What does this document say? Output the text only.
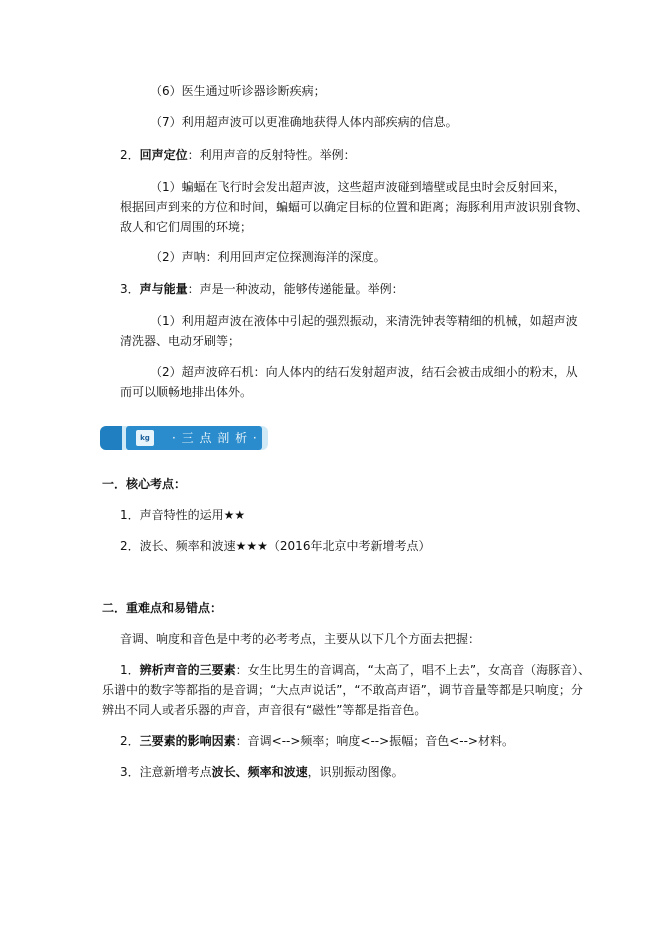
（6）医生通过听诊器诊断疾病；
（7）利用超声波可以更准确地获得人体内部疾病的信息。
2．回声定位：利用声音的反射特性。举例：
（1）蝙蝠在飞行时会发出超声波，这些超声波碰到墙壁或昆虫时会反射回来，
根据回声到来的方位和时间，蝙蝠可以确定目标的位置和距离；海豚利用声波识别食物、
敌人和它们周围的环境；
（2）声呐：利用回声定位探测海洋的深度。
3．声与能量：声是一种波动，能够传递能量。举例：
（1）利用超声波在液体中引起的强烈振动，来清洗钟表等精细的机械，如超声波
清洗器、电动牙刷等；
（2）超声波碎石机：向人体内的结石发射超声波，结石会被击成细小的粉末，从
而可以顺畅地排出体外。
kg	· 三 点 剖 析 ·
一．核心考点：
1．声音特性的运用★★
2．波长、频率和波速★★★（2016年北京中考新增考点）
二．重难点和易错点：
音调、响度和音色是中考的必考考点，主要从以下几个方面去把握：
1．辨析声音的三要素：女生比男生的音调高，“太高了，唱不上去”，女高音（海豚音）、
乐谱中的数字等都指的是音调；“大点声说话”，“不敢高声语”，调节音量等都是只响度；分
辨出不同人或者乐器的声音，声音很有“磁性”等都是指音色。
2．三要素的影响因素：音调<-->频率；响度<-->振幅；音色<-->材料。
3．注意新增考点波长、频率和波速，识别振动图像。
